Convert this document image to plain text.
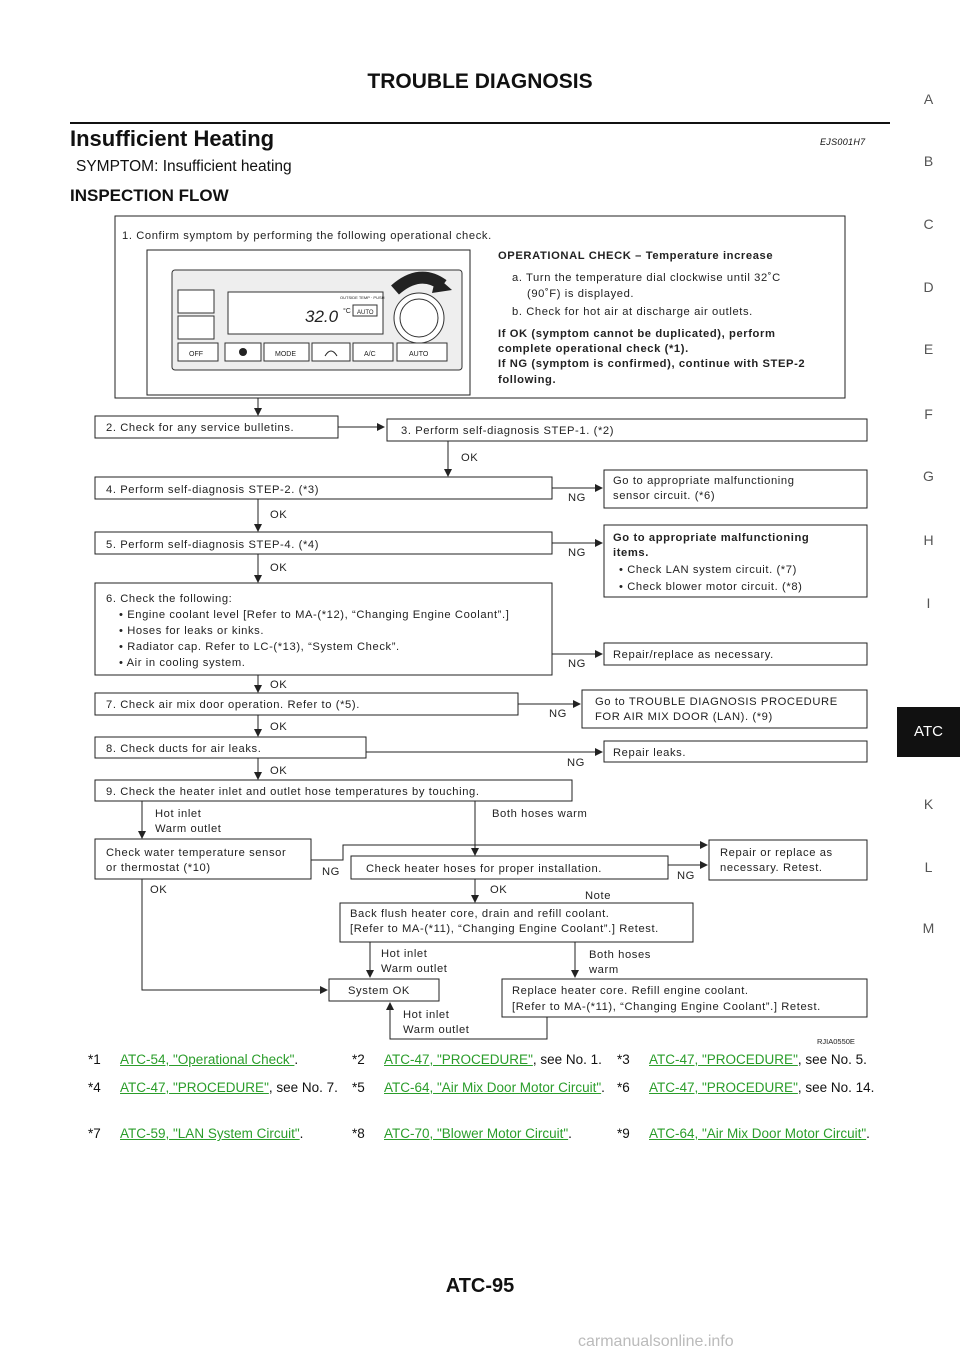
TROUBLE DIAGNOSIS
Insufficient Heating	EJS001H7
SYMPTOM: Insufficient heating
INSPECTION FLOW
A
B
C
D
E
F
G
H
I
ATC
K
L
M
1. Confirm symptom by performing the following operational check.
32.0 °C
OUTSIDE TEMP · PUSH
AUTO
OFF	MODE	A/C	AUTO
OPERATIONAL CHECK – Temperature increase
a. Turn the temperature dial clockwise until 32˚C
(90˚F) is displayed.
b. Check for hot air at discharge air outlets.
If OK (symptom cannot be duplicated), perform
complete operational check (*1).
If NG (symptom is confirmed), continue with STEP-2
following.
2. Check for any service bulletins.	3. Perform self-diagnosis STEP-1. (*2)
OK
4. Perform self-diagnosis STEP-2. (*3)
NG
Go to appropriate malfunctioning
sensor circuit. (*6)
OK
5. Perform self-diagnosis STEP-4. (*4)
NG
Go to appropriate malfunctioning
items.
• Check LAN system circuit. (*7)
• Check blower motor circuit. (*8)
OK
6. Check the following:
• Engine coolant level [Refer to MA-(*12), “Changing Engine Coolant”.]
• Hoses for leaks or kinks.
• Radiator cap. Refer to LC-(*13), “System Check”.
• Air in cooling system.	NG
Repair/replace as necessary.
OK
7. Check air mix door operation. Refer to (*5).
NG
Go to TROUBLE DIAGNOSIS PROCEDURE
FOR AIR MIX DOOR (LAN). (*9)
OK
8. Check ducts for air leaks.
NG
Repair leaks.
OK
9. Check the heater inlet and outlet hose temperatures by touching.
Hot inlet
Warm outlet
Check water temperature sensor
or thermostat (*10)	NG
OK
Both hoses warm
Check heater hoses for proper installation.
NG
Repair or replace as
necessary. Retest.
OK	Note
Back flush heater core, drain and refill coolant.
[Refer to MA-(*11), “Changing Engine Coolant”.] Retest.
Hot inlet
Warm outlet
Both hoses
warm
System OK	Replace heater core. Refill engine coolant.
[Refer to MA-(*11), “Changing Engine Coolant”.] Retest.
Hot inlet
Warm outlet
RJIA0550E
*1 ATC-54, "Operational Check".	*2 ATC-47, "PROCEDURE", see No. 1. *3 ATC-47, "PROCEDURE", see No. 5.
*4 ATC-47, "PROCEDURE", see No. 7. *5 ATC-64, "Air Mix Door Motor Circuit". *6 ATC-47, "PROCEDURE", see No. 14.
*7 ATC-59, "LAN System Circuit".	*8 ATC-70, "Blower Motor Circuit".	*9 ATC-64, "Air Mix Door Motor Circuit".
ATC-95
carmanualsonline.info
